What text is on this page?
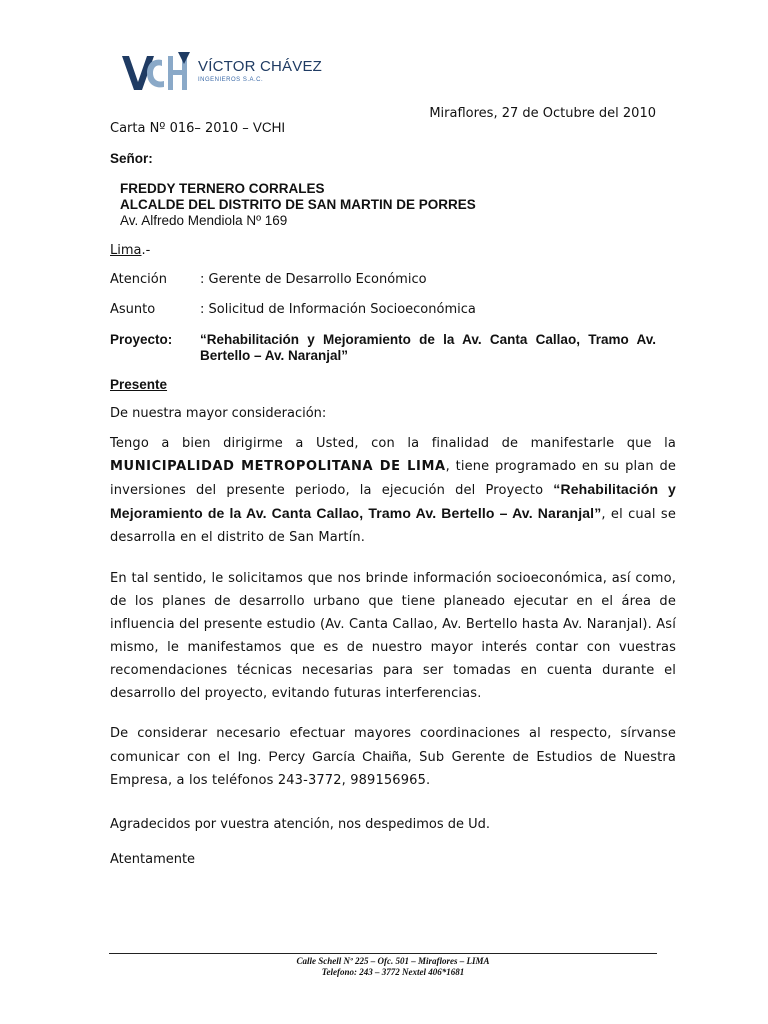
VÍCTOR CHÁVEZ
INGENIEROS S.A.C.
Miraflores, 27 de Octubre del 2010
Carta Nº 016– 2010 – VCHI
Señor:
FREDDY TERNERO CORRALES
ALCALDE DEL DISTRITO DE SAN MARTIN DE PORRES
Av. Alfredo Mendiola Nº 169
Lima.-
Atención	: Gerente de Desarrollo Económico
Asunto	: Solicitud de Información Socioeconómica
Proyecto: “Rehabilitación y Mejoramiento de la Av. Canta Callao, Tramo Av. Bertello – Av. Naranjal”
Presente
De nuestra mayor consideración:
Tengo a bien dirigirme a Usted, con la finalidad de manifestarle que la MUNICIPALIDAD METROPOLITANA DE LIMA, tiene programado en su plan de inversiones del presente periodo, la ejecución del Proyecto “Rehabilitación y Mejoramiento de la Av. Canta Callao, Tramo Av. Bertello – Av. Naranjal”, el cual se desarrolla en el distrito de San Martín.
En tal sentido, le solicitamos que nos brinde información socioeconómica, así como, de los planes de desarrollo urbano que tiene planeado ejecutar en el área de influencia del presente estudio (Av. Canta Callao, Av. Bertello hasta Av. Naranjal). Así mismo, le manifestamos que es de nuestro mayor interés contar con vuestras recomendaciones técnicas necesarias para ser tomadas en cuenta durante el desarrollo del proyecto, evitando futuras interferencias.
De considerar necesario efectuar mayores coordinaciones al respecto, sírvanse comunicar con el Ing. Percy García Chaiña, Sub Gerente de Estudios de Nuestra Empresa, a los teléfonos 243-3772, 989156965.
Agradecidos por vuestra atención, nos despedimos de Ud.
Atentamente
Calle Schell Nº 225 – Ofc. 501 – Miraflores – LIMA
Telefono: 243 – 3772 Nextel 406*1681
